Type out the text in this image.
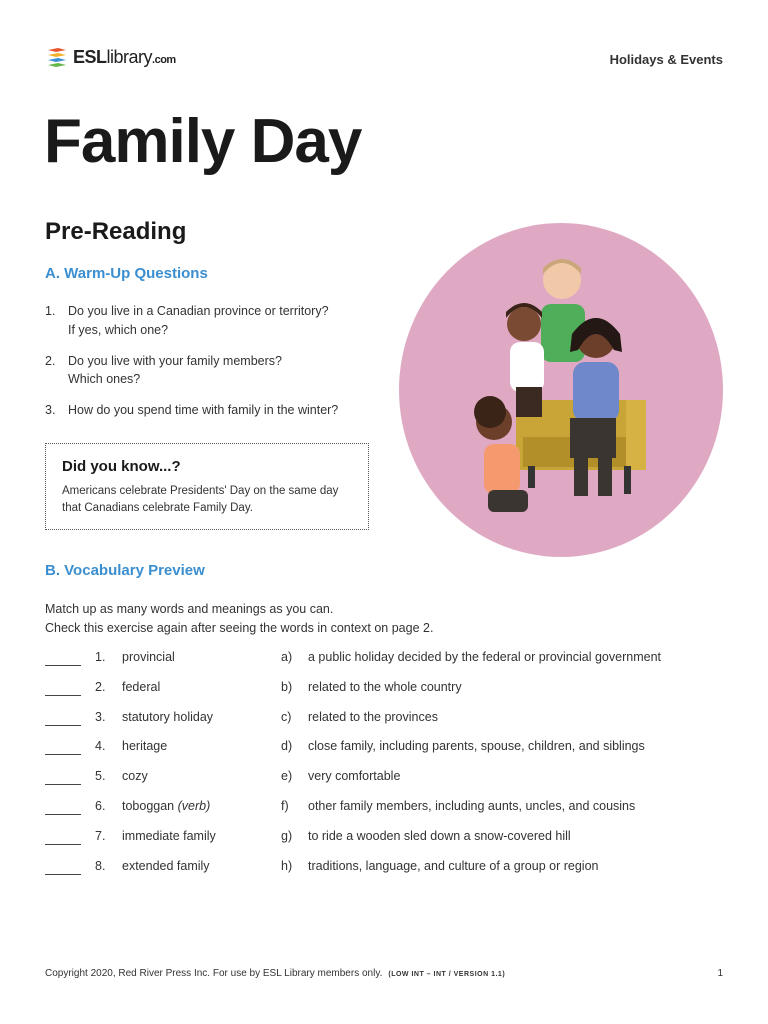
ESLlibrary.com	Holidays & Events
Family Day
Pre-Reading
A. Warm-Up Questions
1.	Do you live in a Canadian province or territory?
If yes, which one?
2.	Do you live with your family members?
Which ones?
3.	How do you spend time with family in the winter?

Did you know...?

Americans celebrate Presidents' Day on the same day that Canadians celebrate Family Day.

B. Vocabulary Preview

Match up as many words and meanings as you can.

Check this exercise again after seeing the words in context on page 2.

1.	provincial	a)	a public holiday decided by the federal or provincial government
2.	federal	b)	related to the whole country
3.	statutory holiday	c)	related to the provinces
4.	heritage	d)	close family, including parents, spouse, children, and siblings
5.	cozy	e)	very comfortable
6.	toboggan (verb)	f)	other family members, including aunts, uncles, and cousins
7.	immediate family	g)	to ride a wooden sled down a snow-covered hill
8.	extended family	h)	traditions, language, and culture of a group or region
Copyright 2020, Red River Press Inc. For use by ESL Library members only. (LOW INT – INT / VERSION 1.1)	1
